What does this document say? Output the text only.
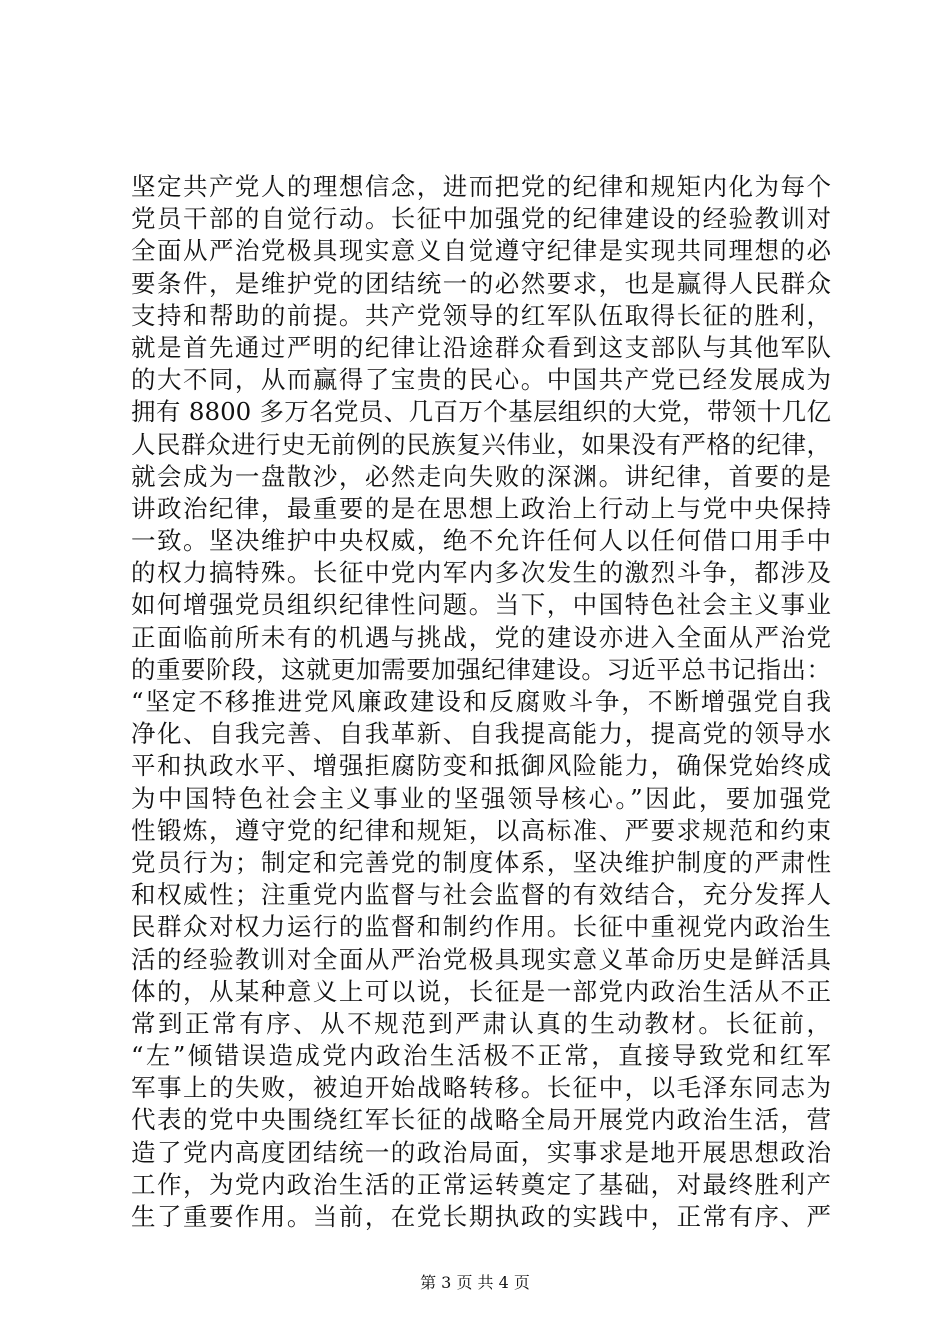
坚定共产党人的理想信念，进而把党的纪律和规矩内化为每个
党员干部的自觉行动。长征中加强党的纪律建设的经验教训对
全面从严治党极具现实意义自觉遵守纪律是实现共同理想的必
要条件，是维护党的团结统一的必然要求，也是赢得人民群众
支持和帮助的前提。共产党领导的红军队伍取得长征的胜利，
就是首先通过严明的纪律让沿途群众看到这支部队与其他军队
的大不同，从而赢得了宝贵的民心。中国共产党已经发展成为
拥有 8800 多万名党员、几百万个基层组织的大党，带领十几亿
人民群众进行史无前例的民族复兴伟业，如果没有严格的纪律，
就会成为一盘散沙，必然走向失败的深渊。讲纪律，首要的是
讲政治纪律，最重要的是在思想上政治上行动上与党中央保持
一致。坚决维护中央权威，绝不允许任何人以任何借口用手中
的权力搞特殊。长征中党内军内多次发生的激烈斗争，都涉及
如何增强党员组织纪律性问题。当下，中国特色社会主义事业
正面临前所未有的机遇与挑战，党的建设亦进入全面从严治党
的重要阶段，这就更加需要加强纪律建设。习近平总书记指出：
“坚定不移推进党风廉政建设和反腐败斗争，不断增强党自我
净化、自我完善、自我革新、自我提高能力，提高党的领导水
平和执政水平、增强拒腐防变和抵御风险能力，确保党始终成
为中国特色社会主义事业的坚强领导核心。”因此，要加强党
性锻炼，遵守党的纪律和规矩，以高标准、严要求规范和约束
党员行为；制定和完善党的制度体系，坚决维护制度的严肃性
和权威性；注重党内监督与社会监督的有效结合，充分发挥人
民群众对权力运行的监督和制约作用。长征中重视党内政治生
活的经验教训对全面从严治党极具现实意义革命历史是鲜活具
体的，从某种意义上可以说，长征是一部党内政治生活从不正
常到正常有序、从不规范到严肃认真的生动教材。长征前，
“左”倾错误造成党内政治生活极不正常，直接导致党和红军
军事上的失败，被迫开始战略转移。长征中，以毛泽东同志为
代表的党中央围绕红军长征的战略全局开展党内政治生活，营
造了党内高度团结统一的政治局面，实事求是地开展思想政治
工作，为党内政治生活的正常运转奠定了基础，对最终胜利产
生了重要作用。当前，在党长期执政的实践中，正常有序、严
第 3 页 共 4 页
